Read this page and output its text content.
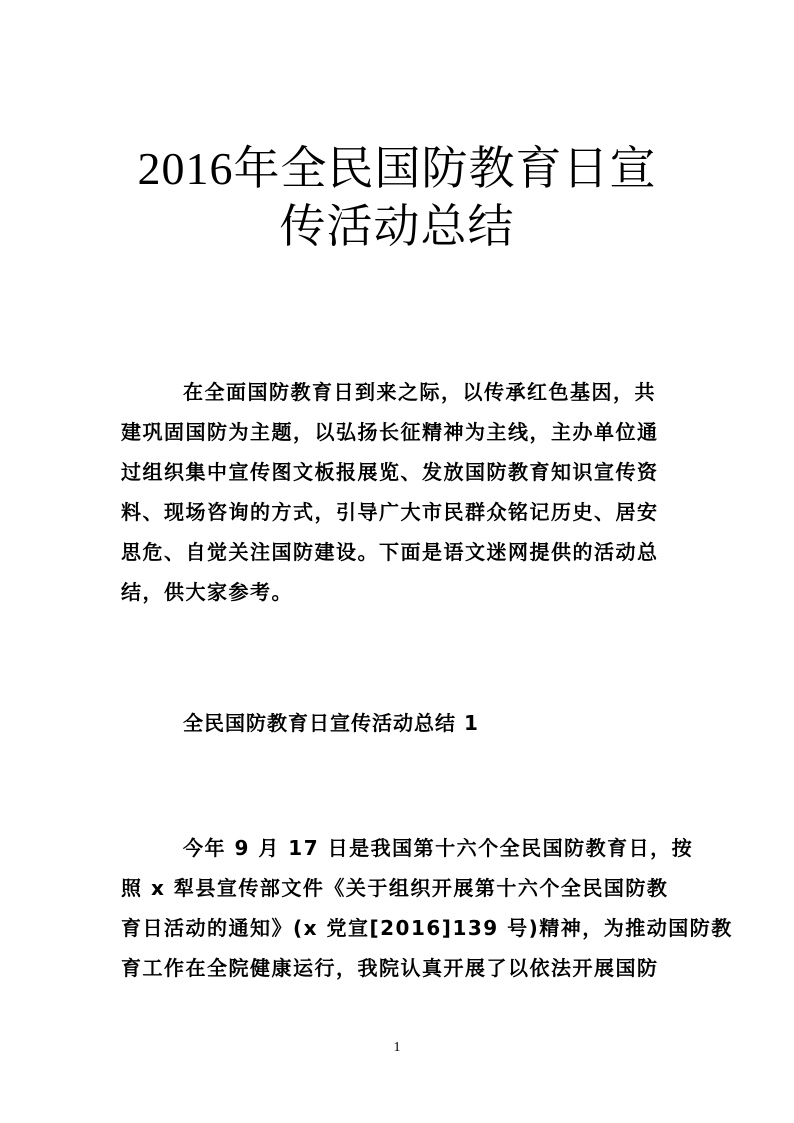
2016年全民国防教育日宣
传活动总结
在全面国防教育日到来之际，以传承红色基因，共
建巩固国防为主题，以弘扬长征精神为主线，主办单位通
过组织集中宣传图文板报展览、发放国防教育知识宣传资
料、现场咨询的方式，引导广大市民群众铭记历史、居安
思危、自觉关注国防建设。下面是语文迷网提供的活动总
结，供大家参考。
全民国防教育日宣传活动总结 1
今年 9 月 17 日是我国第十六个全民国防教育日，按
照 x 犁县宣传部文件《关于组织开展第十六个全民国防教
育日活动的通知》(x 党宣[2016]139 号)精神，为推动国防教
育工作在全院健康运行，我院认真开展了以依法开展国防
1
